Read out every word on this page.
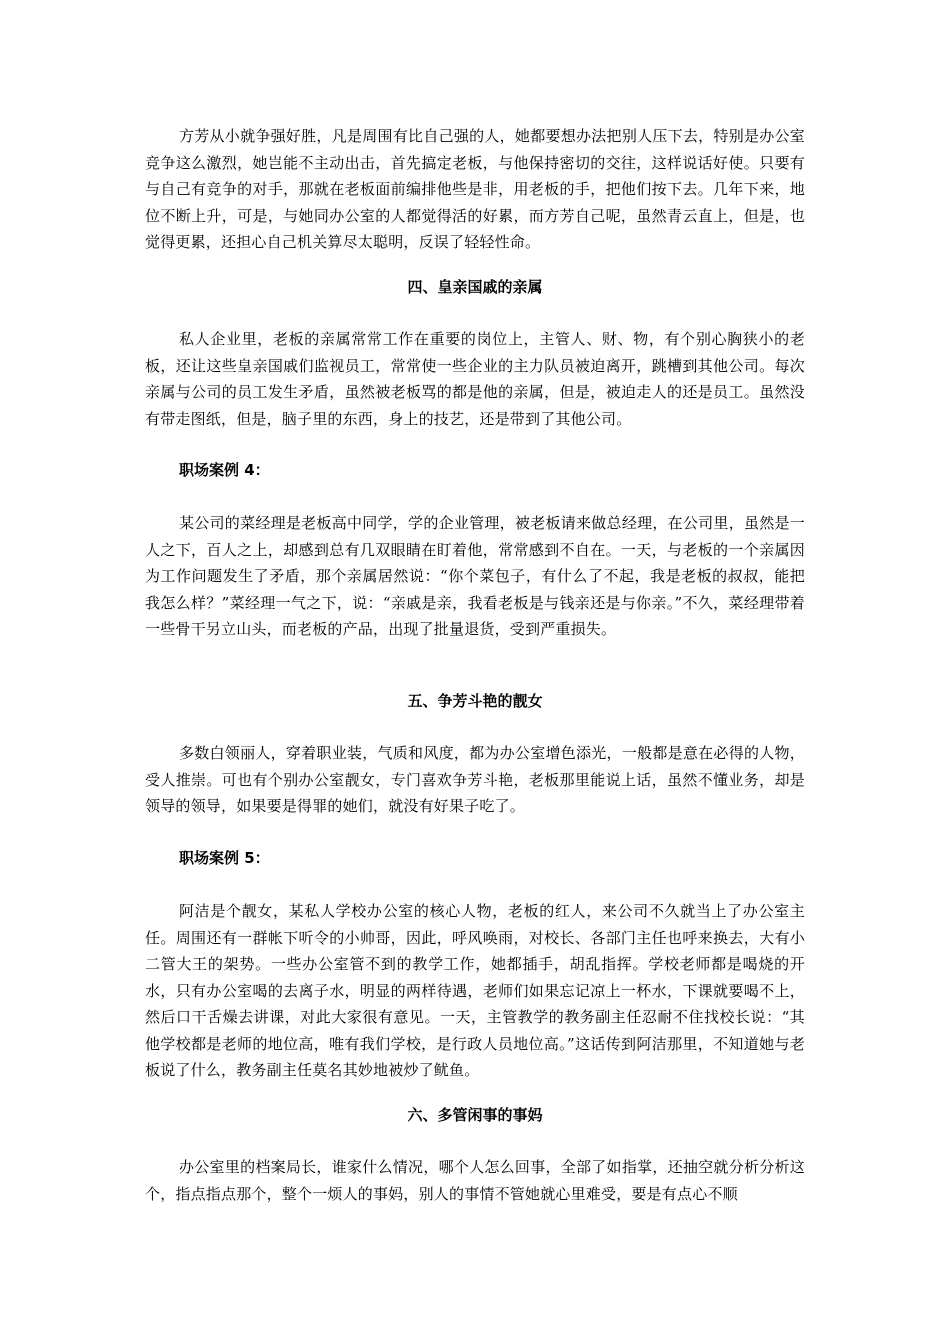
方芳从小就争强好胜，凡是周围有比自己强的人，她都要想办法把别人压下去，特别是办公室竞争这么激烈，她岂能不主动出击，首先搞定老板，与他保持密切的交往，这样说话好使。只要有与自己有竞争的对手，那就在老板面前编排他些是非，用老板的手，把他们按下去。几年下来，地位不断上升，可是，与她同办公室的人都觉得活的好累，而方芳自己呢，虽然青云直上，但是，也觉得更累，还担心自己机关算尽太聪明，反误了轻轻性命。

四、皇亲国戚的亲属

私人企业里，老板的亲属常常工作在重要的岗位上，主管人、财、物，有个别心胸狭小的老板，还让这些皇亲国戚们监视员工，常常使一些企业的主力队员被迫离开，跳槽到其他公司。每次亲属与公司的员工发生矛盾，虽然被老板骂的都是他的亲属，但是，被迫走人的还是员工。虽然没有带走图纸，但是，脑子里的东西，身上的技艺，还是带到了其他公司。

职场案例 4：

某公司的菜经理是老板高中同学，学的企业管理，被老板请来做总经理，在公司里，虽然是一人之下，百人之上，却感到总有几双眼睛在盯着他，常常感到不自在。一天，与老板的一个亲属因为工作问题发生了矛盾，那个亲属居然说：“你个菜包子，有什么了不起，我是老板的叔叔，能把我怎么样？”菜经理一气之下，说：“亲戚是亲，我看老板是与钱亲还是与你亲。”不久，菜经理带着一些骨干另立山头，而老板的产品，出现了批量退货，受到严重损失。

五、争芳斗艳的靓女

多数白领丽人，穿着职业装，气质和风度，都为办公室增色添光，一般都是意在必得的人物，受人推崇。可也有个别办公室靓女，专门喜欢争芳斗艳，老板那里能说上话，虽然不懂业务，却是领导的领导，如果要是得罪的她们，就没有好果子吃了。

职场案例 5：

阿洁是个靓女，某私人学校办公室的核心人物，老板的红人，来公司不久就当上了办公室主任。周围还有一群帐下听令的小帅哥，因此，呼风唤雨，对校长、各部门主任也呼来换去，大有小二管大王的架势。一些办公室管不到的教学工作，她都插手，胡乱指挥。学校老师都是喝烧的开水，只有办公室喝的去离子水，明显的两样待遇，老师们如果忘记凉上一杯水，下课就要喝不上，然后口干舌燥去讲课，对此大家很有意见。一天，主管教学的教务副主任忍耐不住找校长说：“其他学校都是老师的地位高，唯有我们学校，是行政人员地位高。”这话传到阿洁那里，不知道她与老板说了什么，教务副主任莫名其妙地被炒了鱿鱼。

六、多管闲事的事妈

办公室里的档案局长，谁家什么情况，哪个人怎么回事，全部了如指掌，还抽空就分析分析这个，指点指点那个，整个一烦人的事妈，别人的事情不管她就心里难受，要是有点心不顺
